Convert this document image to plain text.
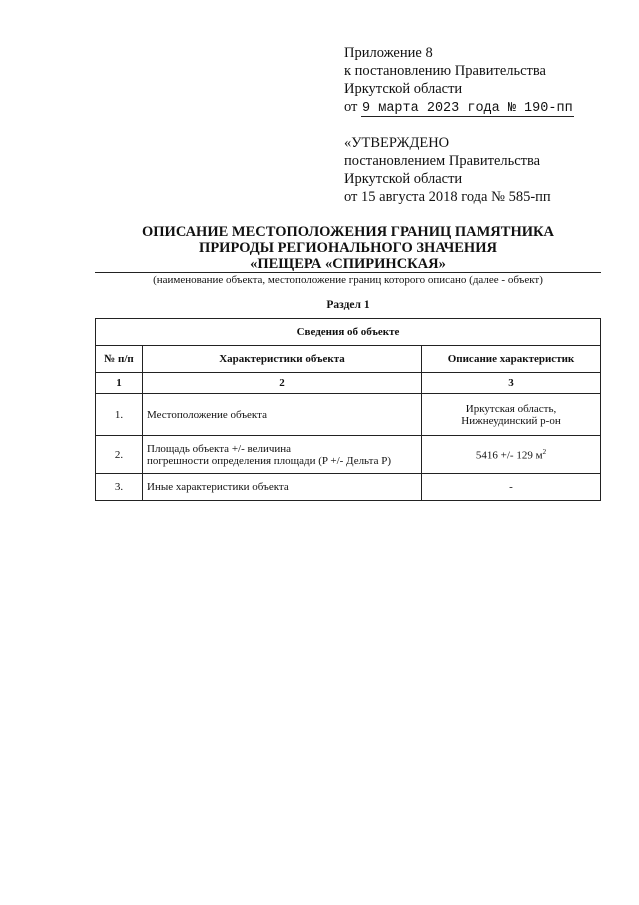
Приложение 8
к постановлению Правительства
Иркутской области
от 9 марта 2023 года № 190-пп
«УТВЕРЖДЕНО
постановлением Правительства
Иркутской области
от 15 августа 2018 года № 585-пп
ОПИСАНИЕ МЕСТОПОЛОЖЕНИЯ ГРАНИЦ ПАМЯТНИКА
ПРИРОДЫ РЕГИОНАЛЬНОГО ЗНАЧЕНИЯ
«ПЕЩЕРА «СПИРИНСКАЯ»
(наименование объекта, местоположение границ которого описано (далее - объект)
Раздел 1
Сведения об объекте		
№ п/п	Характеристики объекта	Описание характеристик
1	2	3
1.	Местоположение объекта	Иркутская область,
Нижнеудинский р-он

2.	Площадь объекта +/- величина
погрешности определения площади (P +/- Дельта P)	5416 +/- 129 $м^2$
3.	Иные характеристики объекта	-
